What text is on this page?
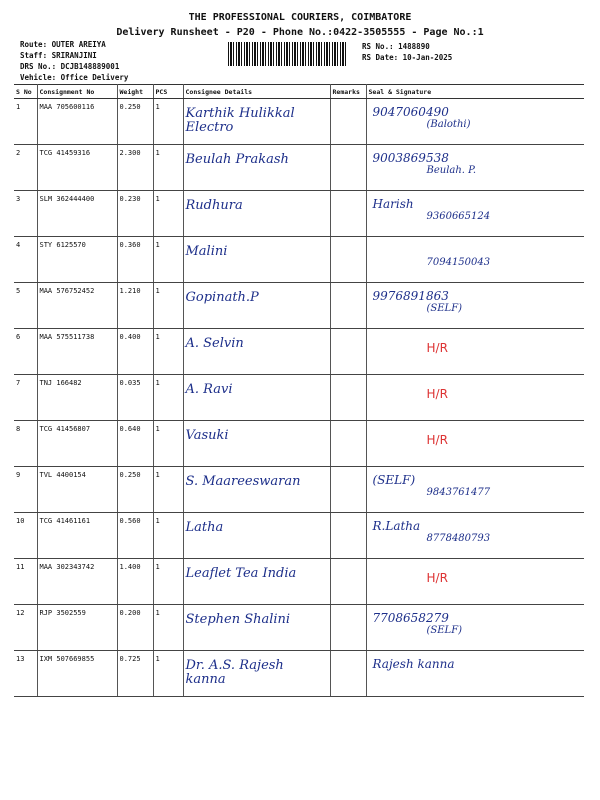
THE PROFESSIONAL COURIERS, COIMBATORE
Delivery Runsheet - P20 - Phone No.:0422-3505555 - Page No.:1
Route: OUTER AREIYA
Staff: SRIRANJINI
DRS No.: DCJB148889001
Vehicle: Office Delivery
RS No.: 1488890
RS Date: 10-Jan-2025
S No	Consignment No	Weight	PCS	Consignee Details	Remarks	Seal & Signature
1	MAA 705600116	0.250	1	Karthik Hulikkal Electro		9047060490
(Balothi)

2	TCG 41459316	2.300	1	Beulah Prakash		9003869538
Beulah. P.

3	SLM 362444400	0.230	1	Rudhura		Harish
9360665124

4	STY 6125570	0.360	1	Malini		7094150043

5	MAA 576752452	1.210	1	Gopinath.P		9976891863
(SELF)

6	MAA 575511738	0.400	1	A. Selvin		H/R

7	TNJ 166482	0.035	1	A. Ravi		H/R

8	TCG 41456807	0.640	1	Vasuki		H/R

9	TVL 4400154	0.250	1	S. Maareeswaran		(SELF)
9843761477

10	TCG 41461161	0.560	1	Latha		R.Latha
8778480793

11	MAA 302343742	1.400	1	Leaflet Tea India		H/R

12	RJP 3502559	0.200	1	Stephen Shalini		7708658279
(SELF)

13	IXM 507669855	0.725	1	Dr. A.S. Rajesh kanna		Rajesh kanna
